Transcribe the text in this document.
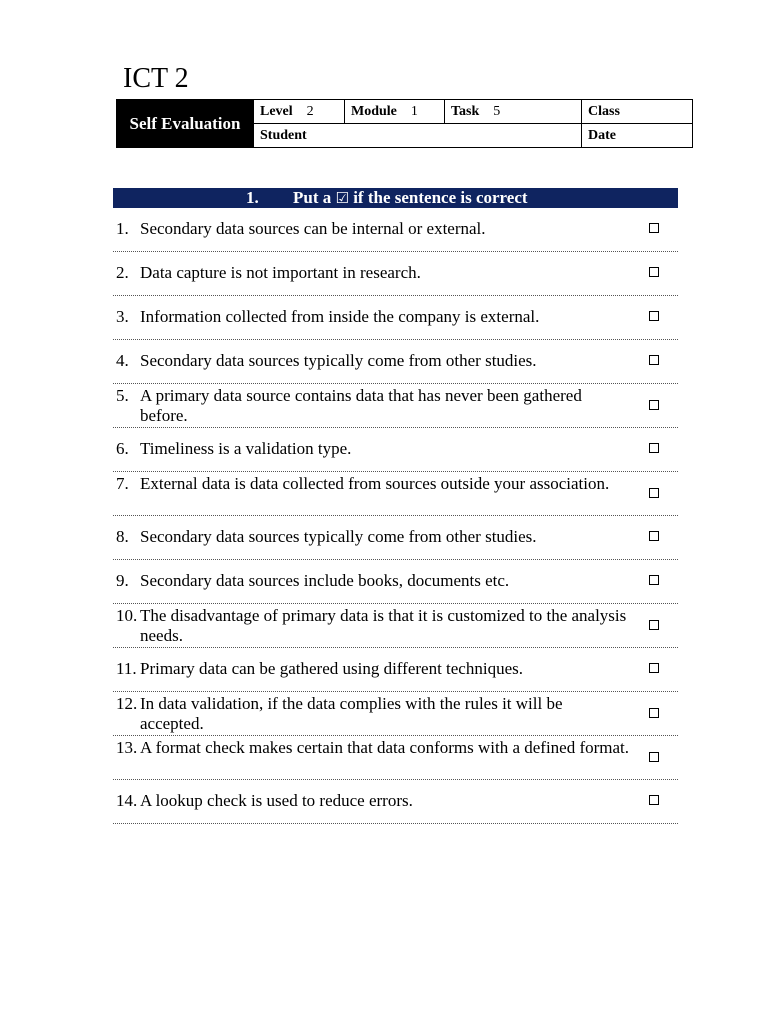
ICT 2
Self Evaluation	Level 2	Module 1	Task 5	Class
	Student			Date
1. Put a ☑ if the sentence is correct
1. Secondary data sources can be internal or external.
2. Data capture is not important in research.
3. Information collected from inside the company is external.
4. Secondary data sources typically come from other studies.
5. A primary data source contains data that has never been gathered before.
6. Timeliness is a validation type.
7. External data is data collected from sources outside your association.
8. Secondary data sources typically come from other studies.
9. Secondary data sources include books, documents etc.
10. The disadvantage of primary data is that it is customized to the analysis needs.
11. Primary data can be gathered using different techniques.
12. In data validation, if the data complies with the rules it will be accepted.
13. A format check makes certain that data conforms with a defined format.
14. A lookup check is used to reduce errors.
